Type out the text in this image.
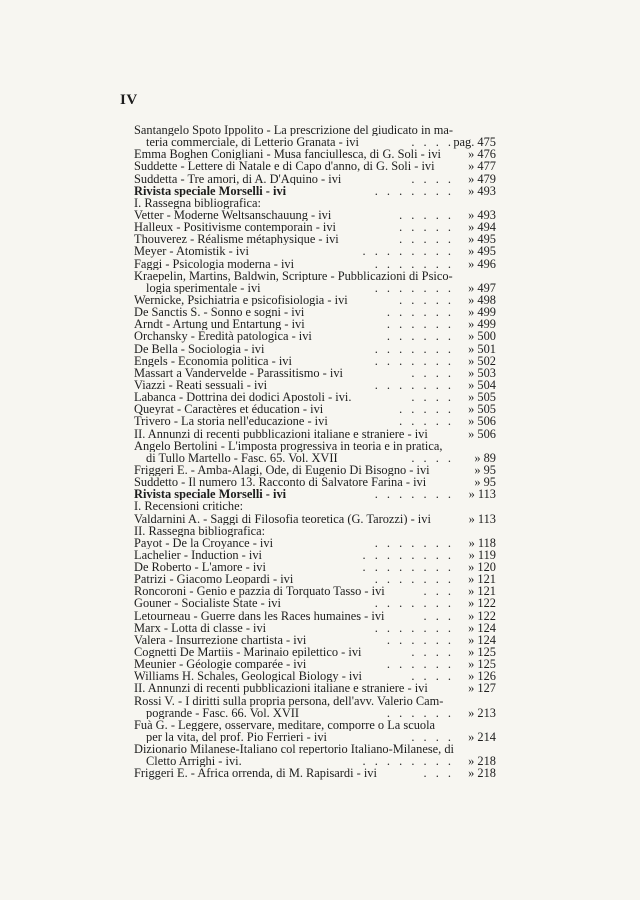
IV
Santangelo Spoto Ippolito - La prescrizione del giudicato in ma-
teria commerciale, di Letterio Granata - ivi	. . . . pag. 475
Emma Boghen Conigliani - Musa fanciullesca, di G. Soli - ivi	» 476
Suddette - Lettere di Natale e di Capo d'anno, di G. Soli - ivi	» 477
Suddetta - Tre amori, di A. D'Aquino - ivi	. . . . » 479
Rivista speciale Morselli - ivi	. . . . . . . » 493
I. Rassegna bibliografica:
Vetter - Moderne Weltsanschauung - ivi	. . . . . » 493
Halleux - Positivisme contemporain - ivi	. . . . . » 494
Thouverez - Réalisme métaphysique - ivi	. . . . . » 495
Meyer - Atomistik - ivi	. . . . . . . . » 495
Faggi - Psicologia moderna - ivi	. . . . . . . » 496
Kraepelin, Martins, Baldwin, Scripture - Pubblicazioni di Psico-
logia sperimentale - ivi	. . . . . . . » 497
Wernicke, Psichiatria e psicofisiologia - ivi	. . . . . » 498
De Sanctis S. - Sonno e sogni - ivi	. . . . . . » 499
Arndt - Artung und Entartung - ivi	. . . . . . » 499
Orchansky - Eredità patologica - ivi	. . . . . . » 500
De Bella - Sociologia - ivi	. . . . . . . » 501
Engels - Economia politica - ivi	. . . . . . . » 502
Massart a Vandervelde - Parassitismo - ivi	. . . . » 503
Viazzi - Reati sessuali - ivi	. . . . . . . » 504
Labanca - Dottrina dei dodici Apostoli - ivi.	. . . . » 505
Queyrat - Caractères et éducation - ivi	. . . . . » 505
Trivero - La storia nell'educazione - ivi	. . . . . » 506
II. Annunzi di recenti pubblicazioni italiane e straniere - ivi	» 506
Angelo Bertolini - L'imposta progressiva in teoria e in pratica,
di Tullo Martello - Fasc. 65. Vol. XVII	. . . . » 89
Friggeri E. - Amba-Alagi, Ode, di Eugenio Di Bisogno - ivi	» 95
Suddetto - Il numero 13. Racconto di Salvatore Farina - ivi	» 95
Rivista speciale Morselli - ivi	. . . . . . . » 113
I. Recensioni critiche:
Valdarnini A. - Saggi di Filosofia teoretica (G. Tarozzi) - ivi	» 113
II. Rassegna bibliografica:
Payot - De la Croyance - ivi	. . . . . . . » 118
Lachelier - Induction - ivi	. . . . . . . . » 119
De Roberto - L'amore - ivi	. . . . . . . . » 120
Patrizi - Giacomo Leopardi - ivi	. . . . . . . » 121
Roncoroni - Genio e pazzia di Torquato Tasso - ivi	. . . » 121
Gouner - Socialiste State - ivi	. . . . . . . » 122
Letourneau - Guerre dans les Races humaines - ivi	. . . » 122
Marx - Lotta di classe - ivi	. . . . . . . » 124
Valera - Insurrezione chartista - ivi	. . . . . . » 124
Cognetti De Martiis - Marinaio epilettico - ivi	. . . . » 125
Meunier - Géologie comparée - ivi	. . . . . . » 125
Williams H. Schales, Geological Biology - ivi	. . . . » 126
II. Annunzi di recenti pubblicazioni italiane e straniere - ivi	» 127
Rossi V. - I diritti sulla propria persona, dell'avv. Valerio Cam-
pogrande - Fasc. 66. Vol. XVII	. . . . . . » 213
Fuà G. - Leggere, osservare, meditare, comporre o La scuola
per la vita, del prof. Pio Ferrieri - ivi	. . . . » 214
Dizionario Milanese-Italiano col repertorio Italiano-Milanese, di
Cletto Arrighi - ivi.	. . . . . . . . » 218
Friggeri E. - Africa orrenda, di M. Rapisardi - ivi	. . . » 218
